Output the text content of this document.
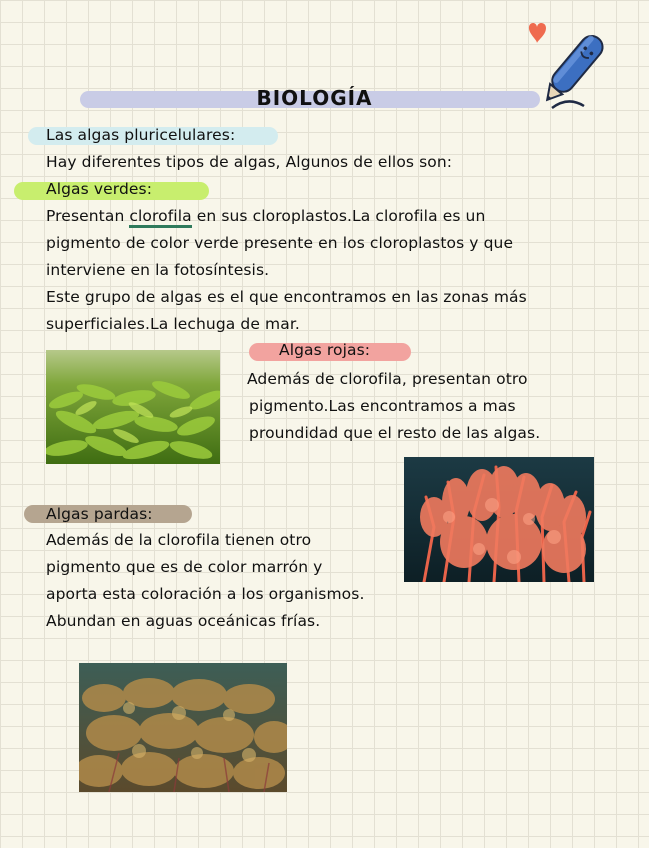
BIOLOGÍA
Las algas pluricelulares:
Hay diferentes tipos de algas, Algunos de ellos son:
Algas verdes:
Presentan clorofila en sus cloroplastos.La clorofila es un
pigmento de color verde presente en los cloroplastos y que
interviene en la fotosíntesis.
Este grupo de algas es el que encontramos en las zonas más
superficiales.La lechuga de mar.
Algas rojas:
Además de clorofila, presentan otro
pigmento.Las encontramos a mas
proundidad que el resto de las algas.
Algas pardas:
Además de la clorofila tienen otro
pigmento que es de color marrón y
aporta esta coloración a los organismos.
Abundan en aguas oceánicas frías.
